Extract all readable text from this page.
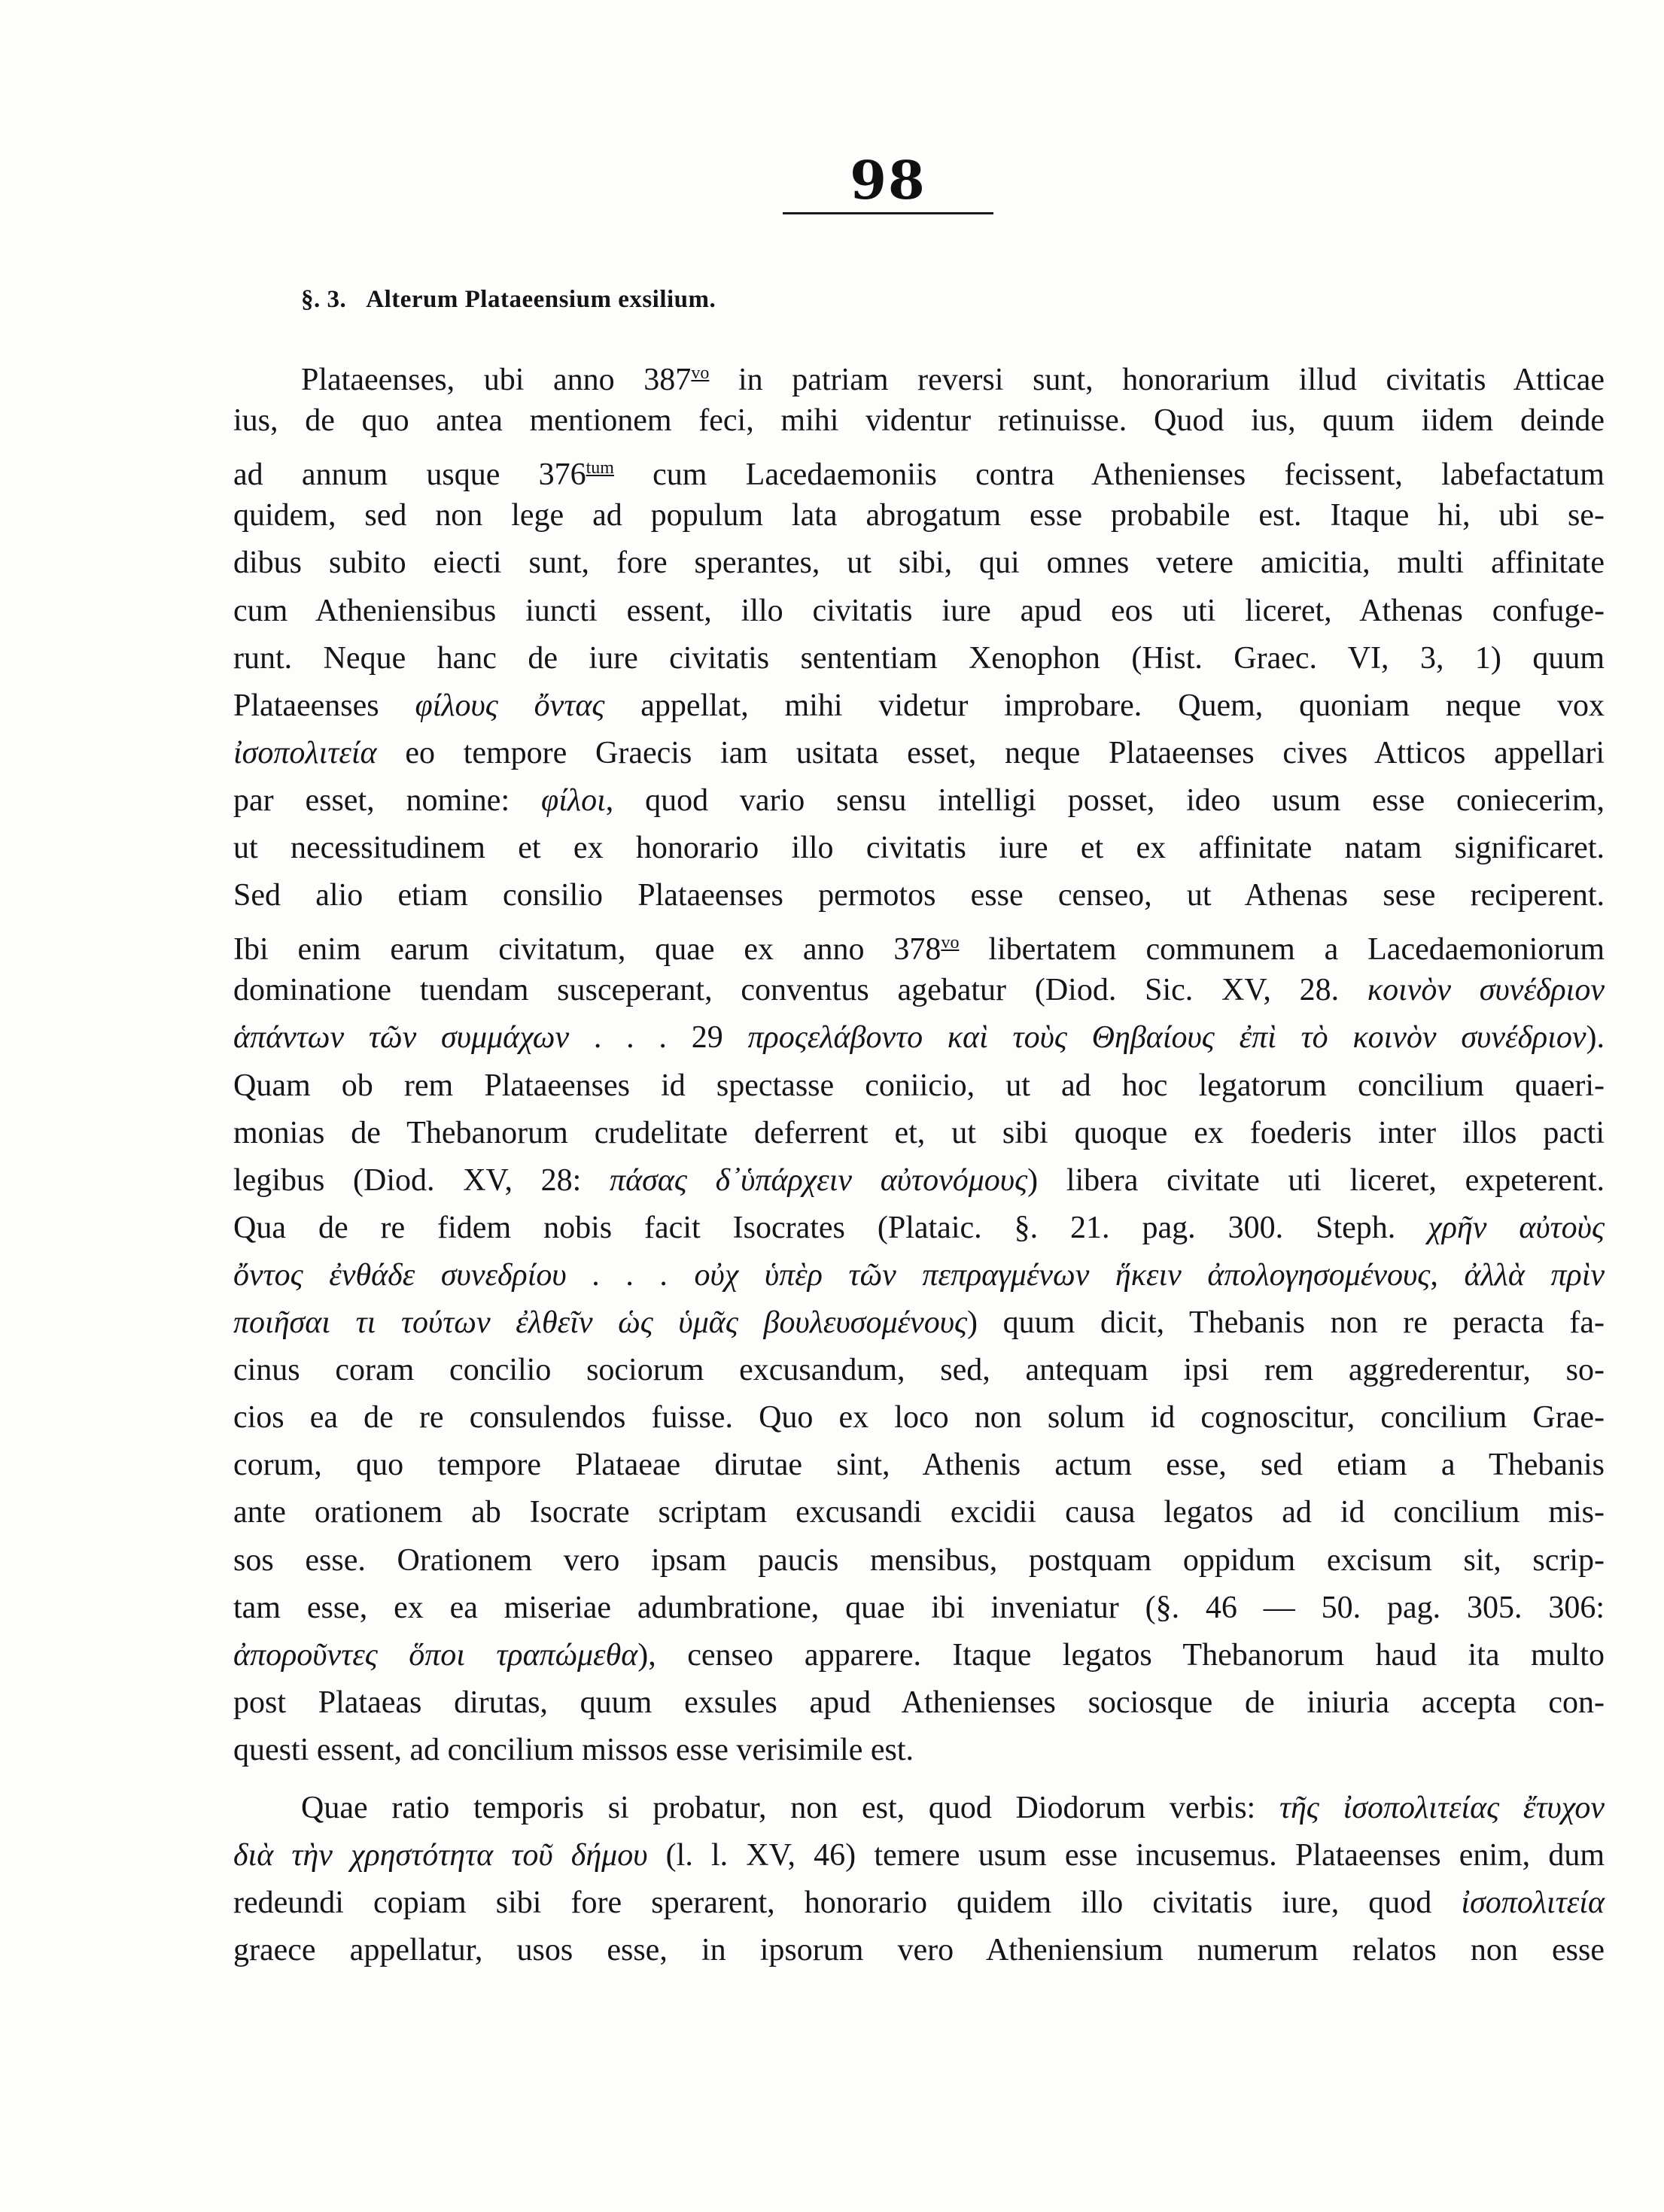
98
§. 3. Alterum Plataeensium exsilium.
Plataeenses, ubi anno $387^{vo}$ in patriam reversi sunt, honorarium illud civitatis Atticae
ius, de quo antea mentionem feci, mihi videntur retinuisse. Quod ius, quum iidem deinde
ad annum usque $376^{tum}$ cum Lacedaemoniis contra Athenienses fecissent, labefactatum
quidem, sed non lege ad populum lata abrogatum esse probabile est. Itaque hi, ubi se-
dibus subito eiecti sunt, fore sperantes, ut sibi, qui omnes vetere amicitia, multi affinitate
cum Atheniensibus iuncti essent, illo civitatis iure apud eos uti liceret, Athenas confuge-
runt. Neque hanc de iure civitatis sententiam Xenophon (Hist. Graec. VI, 3, 1) quum
Plataeenses φίλους ὄντας appellat, mihi videtur improbare. Quem, quoniam neque vox
ἰσοπολιτεία eo tempore Graecis iam usitata esset, neque Plataeenses cives Atticos appellari
par esset, nomine: φίλοι, quod vario sensu intelligi posset, ideo usum esse coniecerim,
ut necessitudinem et ex honorario illo civitatis iure et ex affinitate natam significaret.
Sed alio etiam consilio Plataeenses permotos esse censeo, ut Athenas sese reciperent.
Ibi enim earum civitatum, quae ex anno $378^{vo}$ libertatem communem a Lacedaemoniorum
dominatione tuendam susceperant, conventus agebatur (Diod. Sic. XV, 28. κοινὸν συνέδριον
ἁπάντων τῶν συμμάχων . . . 29 προςελάβοντο καὶ τοὺς Θηβαίους ἐπὶ τὸ κοινὸν συνέδριον).
Quam ob rem Plataeenses id spectasse coniicio, ut ad hoc legatorum concilium quaeri-
monias de Thebanorum crudelitate deferrent et, ut sibi quoque ex foederis inter illos pacti
legibus (Diod. XV, 28: πάσας δ᾽ὑπάρχειν αὐτονόμους) libera civitate uti liceret, expeterent.
Qua de re fidem nobis facit Isocrates (Plataic. §. 21. pag. 300. Steph. χρῆν αὐτοὺς
ὄντος ἐνθάδε συνεδρίου . . . οὐχ ὑπὲρ τῶν πεπραγμένων ἥκειν ἀπολογησομένους, ἀλλὰ πρὶν
ποιῆσαι τι τούτων ἐλθεῖν ὡς ὑμᾶς βουλευσομένους) quum dicit, Thebanis non re peracta fa-
cinus coram concilio sociorum excusandum, sed, antequam ipsi rem aggrederentur, so-
cios ea de re consulendos fuisse. Quo ex loco non solum id cognoscitur, concilium Grae-
corum, quo tempore Plataeae dirutae sint, Athenis actum esse, sed etiam a Thebanis
ante orationem ab Isocrate scriptam excusandi excidii causa legatos ad id concilium mis-
sos esse. Orationem vero ipsam paucis mensibus, postquam oppidum excisum sit, scrip-
tam esse, ex ea miseriae adumbratione, quae ibi inveniatur (§. 46 — 50. pag. 305. 306:
ἀποροῦντες ὅποι τραπώμεθα), censeo apparere. Itaque legatos Thebanorum haud ita multo
post Plataeas dirutas, quum exsules apud Athenienses sociosque de iniuria accepta con-
questi essent, ad concilium missos esse verisimile est.
Quae ratio temporis si probatur, non est, quod Diodorum verbis: τῆς ἰσοπολιτείας ἔτυχον
διὰ τὴν χρηστότητα τοῦ δήμου (l. l. XV, 46) temere usum esse incusemus. Plataeenses enim, dum
redeundi copiam sibi fore sperarent, honorario quidem illo civitatis iure, quod ἰσοπολιτεία
graece appellatur, usos esse, in ipsorum vero Atheniensium numerum relatos non esse
